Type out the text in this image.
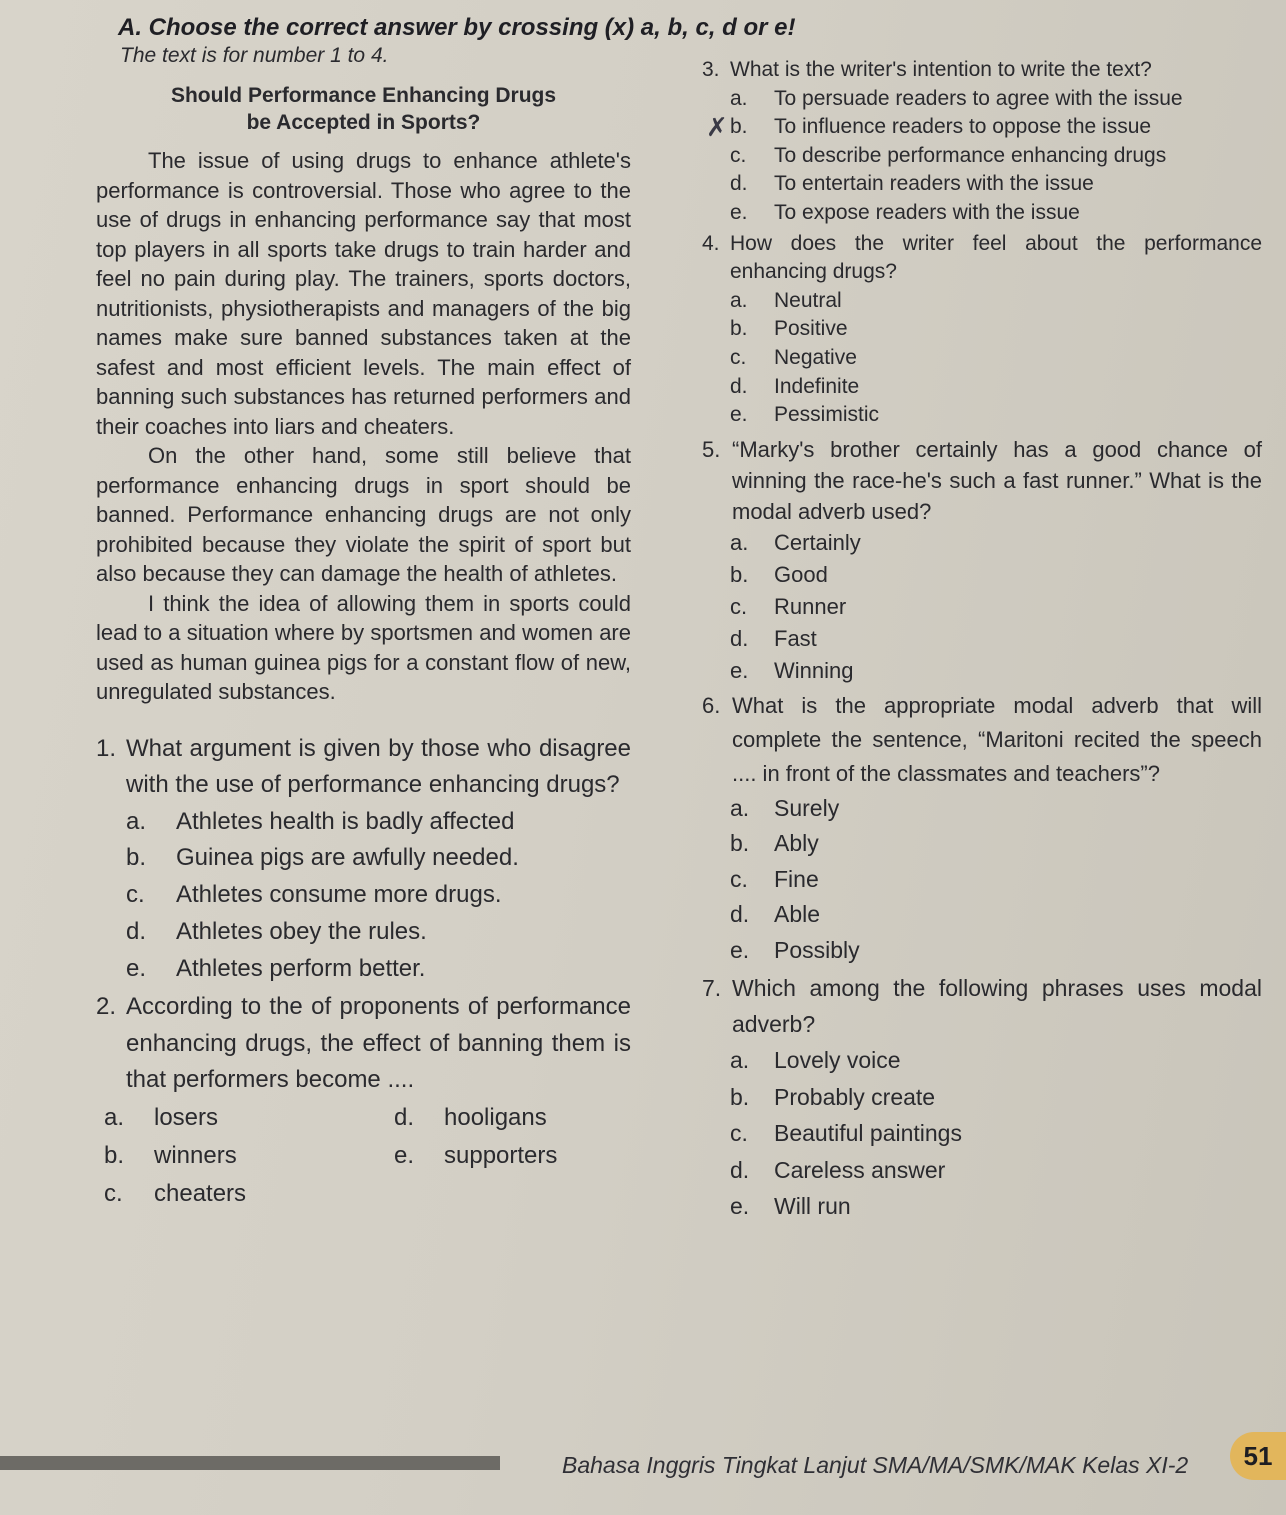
A. Choose the correct answer by crossing (x) a, b, c, d or e!
The text is for number 1 to 4.
Should Performance Enhancing Drugs
be Accepted in Sports?

The issue of using drugs to enhance athlete's performance is controversial. Those who agree to the use of drugs in enhancing performance say that most top players in all sports take drugs to train harder and feel no pain during play. The trainers, sports doctors, nutritionists, physiotherapists and managers of the big names make sure banned substances taken at the safest and most efficient levels. The main effect of banning such substances has returned performers and their coaches into liars and cheaters.

On the other hand, some still believe that performance enhancing drugs in sport should be banned. Performance enhancing drugs are not only prohibited because they violate the spirit of sport but also because they can damage the health of athletes.

I think the idea of allowing them in sports could lead to a situation where by sportsmen and women are used as human guinea pigs for a constant flow of new, unregulated substances.

1. What argument is given by those who disagree with the use of performance enhancing drugs?
a.	Athletes health is badly affected
b.	Guinea pigs are awfully needed.
c.	Athletes consume more drugs.
d.	Athletes obey the rules.
e.	Athletes perform better.
2. According to the of proponents of performance enhancing drugs, the effect of banning them is that performers become ....
a.	losers	d.	hooligans
b.	winners	e.	supporters
c.	cheaters
✗
3. What is the writer's intention to write the text?
a.	To persuade readers to agree with the issue
b.	To influence readers to oppose the issue
c.	To describe performance enhancing drugs
d.	To entertain readers with the issue
e.	To expose readers with the issue
4. How does the writer feel about the performance enhancing drugs?
a.	Neutral
b.	Positive
c.	Negative
d.	Indefinite
e.	Pessimistic
5. “Marky's brother certainly has a good chance of winning the race-he's such a fast runner.” What is the modal adverb used?
a.	Certainly
b.	Good
c.	Runner
d.	Fast
e.	Winning
6. What is the appropriate modal adverb that will complete the sentence, “Maritoni recited the speech .... in front of the classmates and teachers”?
a.	Surely
b.	Ably
c.	Fine
d.	Able
e.	Possibly
7. Which among the following phrases uses modal adverb?
a.	Lovely voice
b.	Probably create
c.	Beautiful paintings
d.	Careless answer
e.	Will run
Bahasa Inggris Tingkat Lanjut SMA/MA/SMK/MAK Kelas XI-2	51
